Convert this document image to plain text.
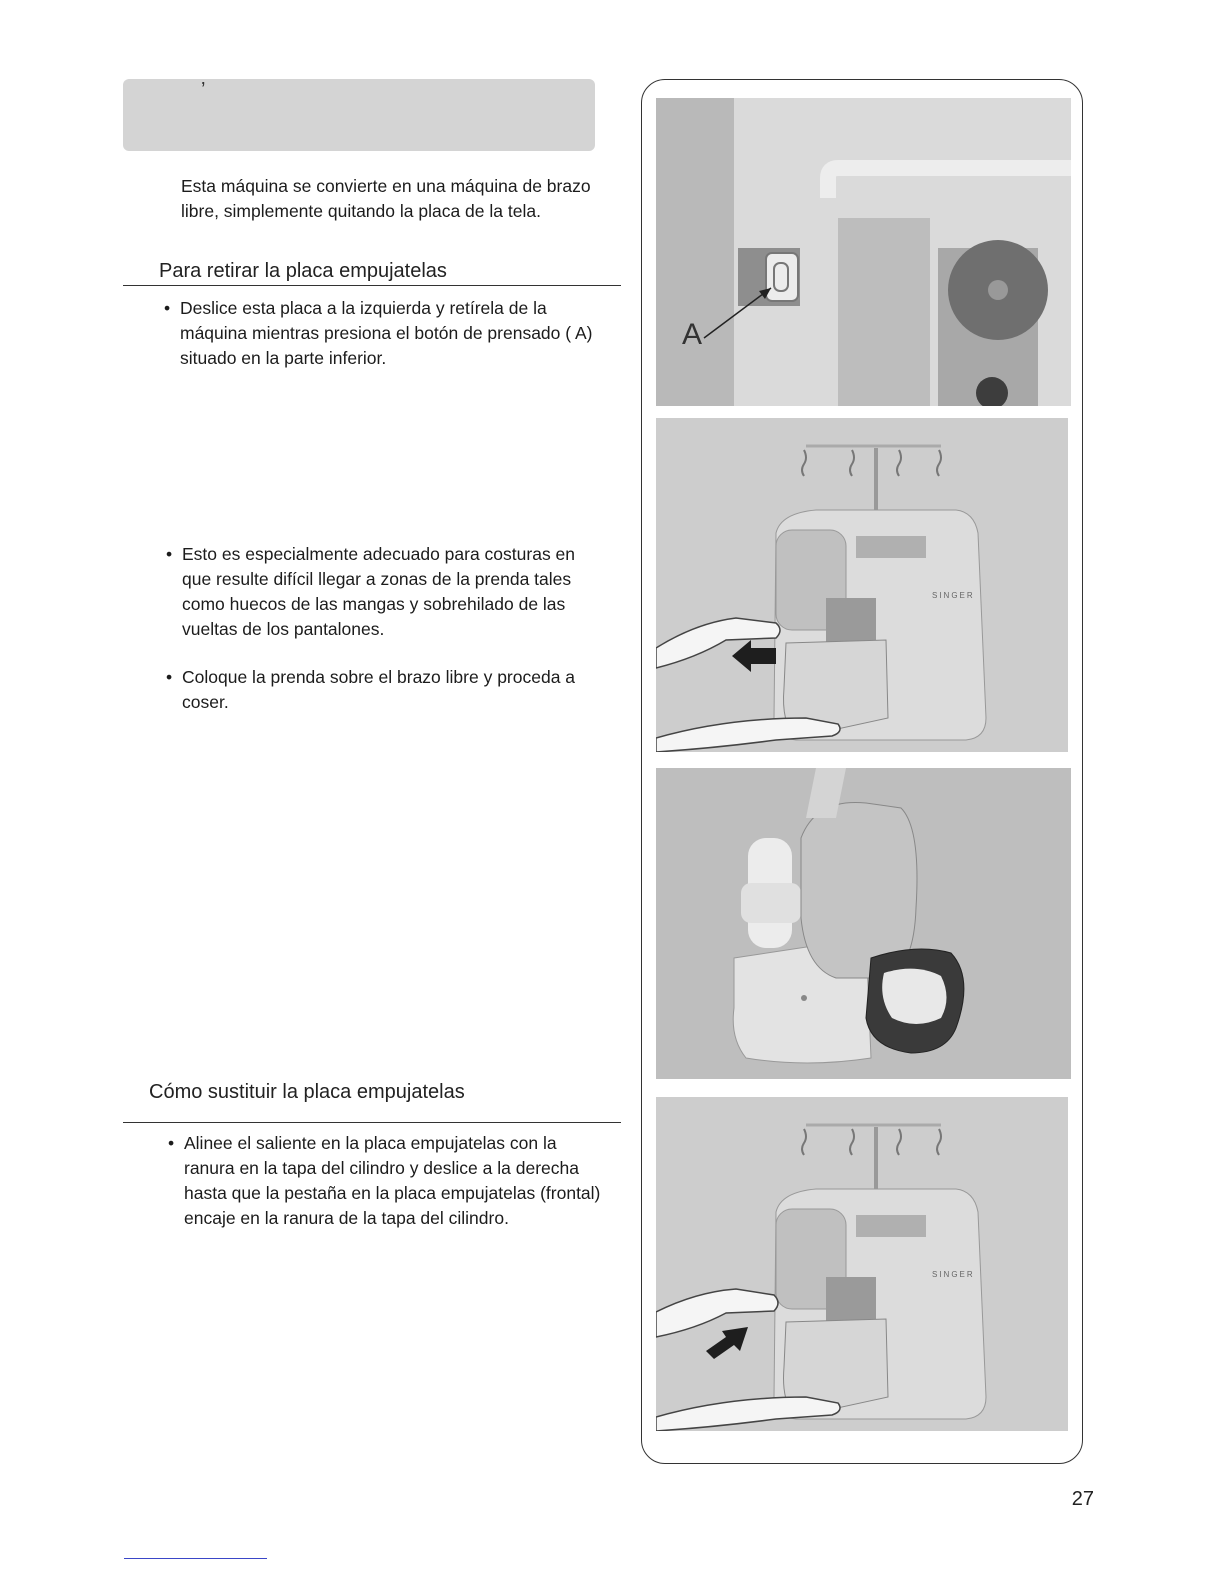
’
Esta máquina se convierte en una máquina de brazo
libre, simplemente quitando la placa de la tela.
Para retirar la placa empujatelas
• Deslice esta placa a la izquierda y retírela de la
máquina mientras presiona el botón de prensado ( A)
situado en la parte inferior.
• Esto es especialmente adecuado para costuras en
que resulte difícil llegar a zonas de la prenda tales
como huecos de las mangas y sobrehilado de las
vueltas de los pantalones.
• Coloque la prenda sobre el brazo libre y proceda a
coser.
Cómo sustituir la placa empujatelas
• Alinee el saliente en la placa empujatelas con la
ranura en la tapa del cilindro y deslice a la derecha
hasta que la pestaña en la placa empujatelas (frontal)
encaje en la ranura de la tapa del cilindro.
A
SINGER
SINGER
27
